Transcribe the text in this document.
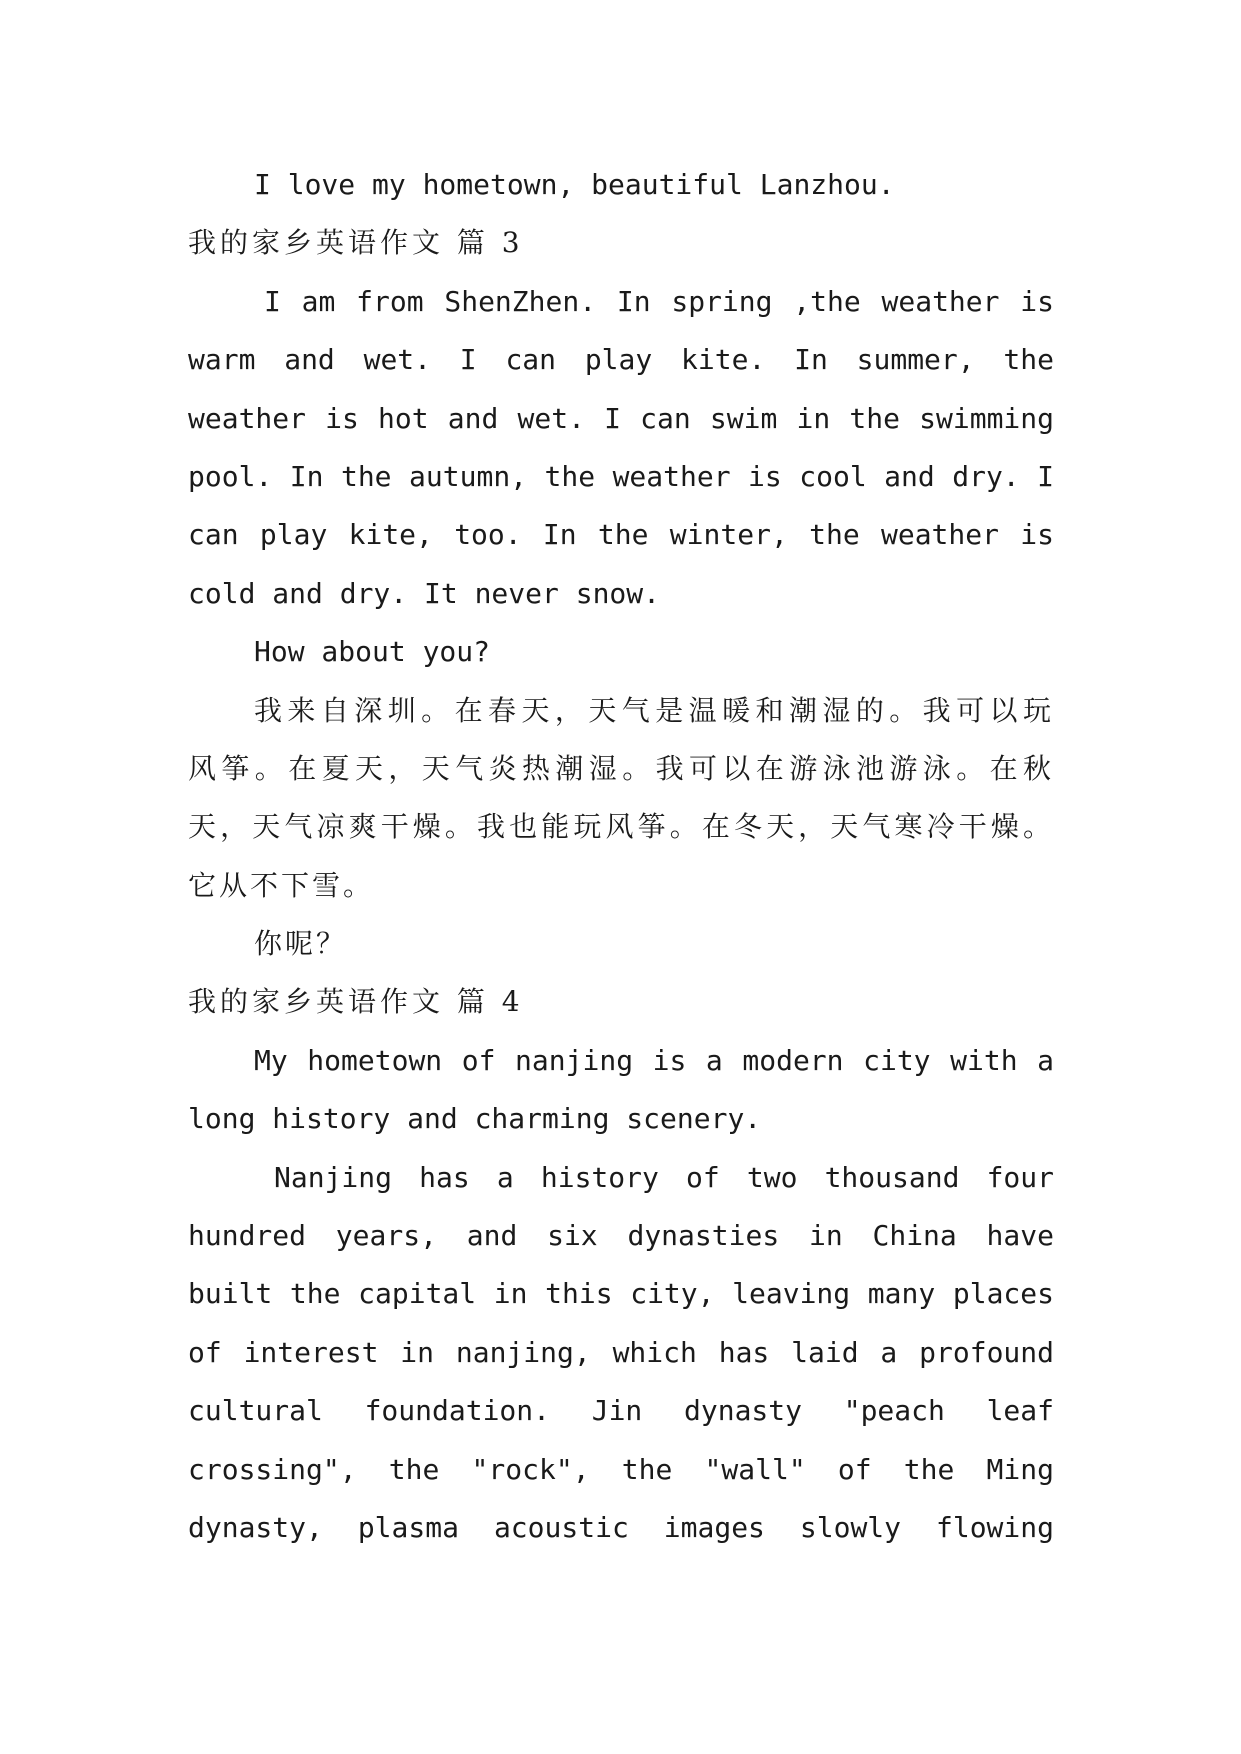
I love my hometown, beautiful Lanzhou.
我的家乡英语作文 篇 3
I am from ShenZhen. In spring ,the weather is
warm and wet. I can play kite. In summer, the
weather is hot and wet. I can swim in the swimming
pool. In the autumn, the weather is cool and dry. I
can play kite, too. In the winter, the weather is
cold and dry. It never snow.
How about you?
我来自深圳。在春天，天气是温暖和潮湿的。我可以玩
风筝。在夏天，天气炎热潮湿。我可以在游泳池游泳。在秋
天，天气凉爽干燥。我也能玩风筝。在冬天，天气寒冷干燥。
它从不下雪。
你呢？
我的家乡英语作文 篇 4
My hometown of nanjing is a modern city with a
long history and charming scenery.
Nanjing has a history of two thousand four
hundred years, and six dynasties in China have
built the capital in this city, leaving many places
of interest in nanjing, which has laid a profound
cultural foundation. Jin dynasty "peach leaf
crossing", the "rock", the "wall" of the Ming
dynasty, plasma acoustic images slowly flowing
